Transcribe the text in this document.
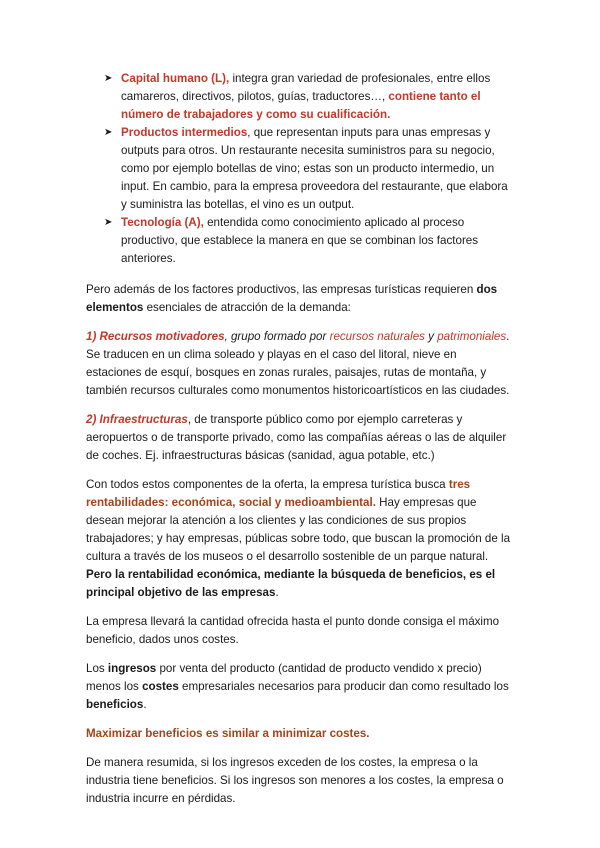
➤ Capital humano (L), integra gran variedad de profesionales, entre ellos camareros, directivos, pilotos, guías, traductores…, contiene tanto el número de trabajadores y como su cualificación.
➤ Productos intermedios, que representan inputs para unas empresas y outputs para otros. Un restaurante necesita suministros para su negocio, como por ejemplo botellas de vino; estas son un producto intermedio, un input. En cambio, para la empresa proveedora del restaurante, que elabora y suministra las botellas, el vino es un output.
➤ Tecnología (A), entendida como conocimiento aplicado al proceso productivo, que establece la manera en que se combinan los factores anteriores.

Pero además de los factores productivos, las empresas turísticas requieren dos elementos esenciales de atracción de la demanda:

1) Recursos motivadores, grupo formado por recursos naturales y patrimoniales. Se traducen en un clima soleado y playas en el caso del litoral, nieve en estaciones de esquí, bosques en zonas rurales, paisajes, rutas de montaña, y también recursos culturales como monumentos historicoartísticos en las ciudades.

2) Infraestructuras, de transporte público como por ejemplo carreteras y aeropuertos o de transporte privado, como las compañías aéreas o las de alquiler de coches. Ej. infraestructuras básicas (sanidad, agua potable, etc.)

Con todos estos componentes de la oferta, la empresa turística busca tres rentabilidades: económica, social y medioambiental. Hay empresas que desean mejorar la atención a los clientes y las condiciones de sus propios trabajadores; y hay empresas, públicas sobre todo, que buscan la promoción de la cultura a través de los museos o el desarrollo sostenible de un parque natural. Pero la rentabilidad económica, mediante la búsqueda de beneficios, es el principal objetivo de las empresas.

La empresa llevará la cantidad ofrecida hasta el punto donde consiga el máximo beneficio, dados unos costes.

Los ingresos por venta del producto (cantidad de producto vendido x precio) menos los costes empresariales necesarios para producir dan como resultado los beneficios.

Maximizar beneficios es similar a minimizar costes.

De manera resumida, si los ingresos exceden de los costes, la empresa o la industria tiene beneficios. Si los ingresos son menores a los costes, la empresa o industria incurre en pérdidas.
